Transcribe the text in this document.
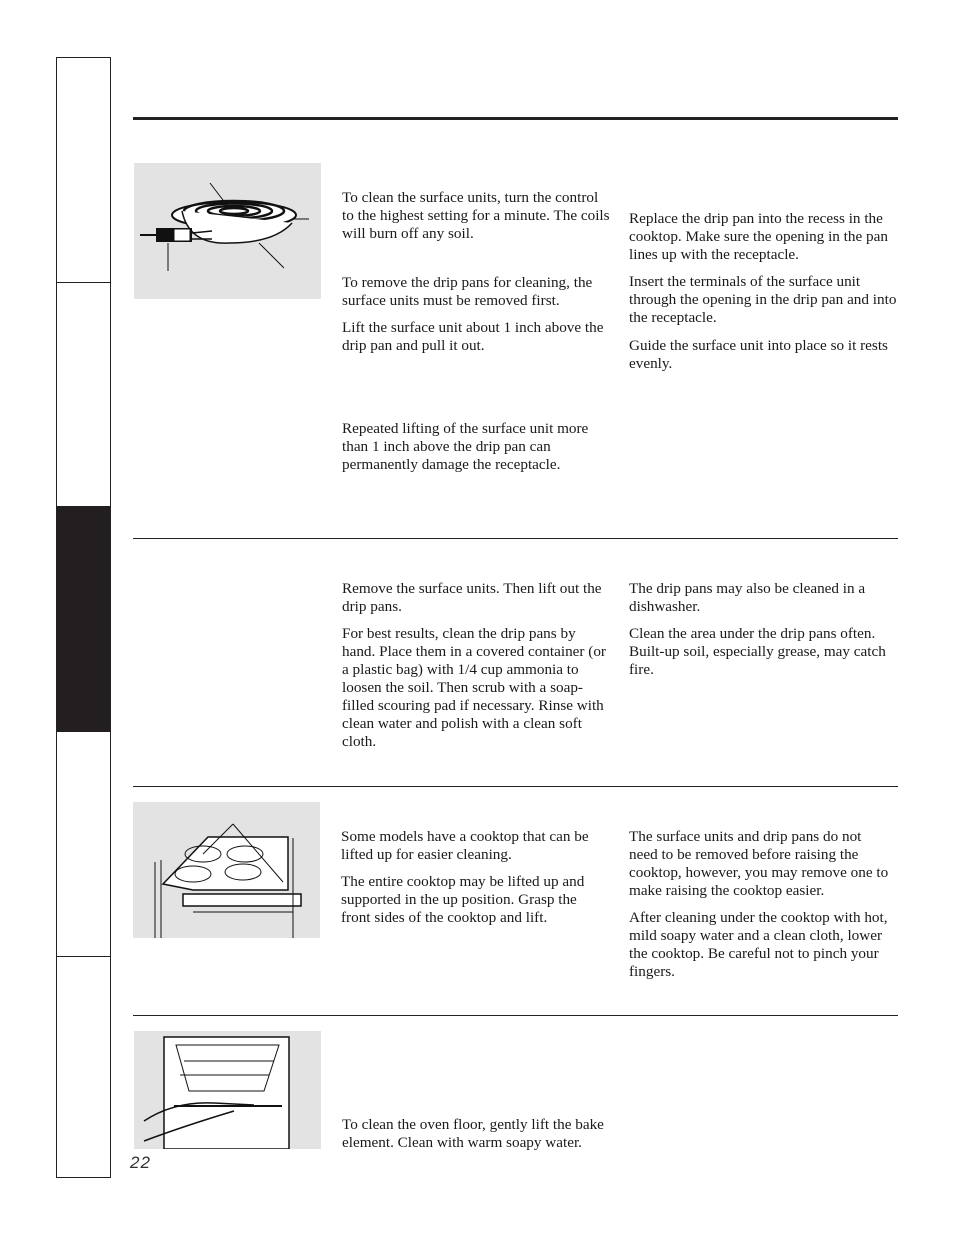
To clean the surface units, turn the control to the highest setting for a minute. The coils will burn off any soil.

To remove the drip pans for cleaning, the surface units must be removed first.

Lift the surface unit about 1 inch above the drip pan and pull it out.

Repeated lifting of the surface unit more than 1 inch above the drip pan can permanently damage the receptacle.

Replace the drip pan into the recess in the cooktop. Make sure the opening in the pan lines up with the receptacle.

Insert the terminals of the surface unit through the opening in the drip pan and into the receptacle.

Guide the surface unit into place so it rests evenly.

Remove the surface units. Then lift out the drip pans.

For best results, clean the drip pans by hand. Place them in a covered container (or a plastic bag) with 1/4 cup ammonia to loosen the soil. Then scrub with a soap-filled scouring pad if necessary. Rinse with clean water and polish with a clean soft cloth.

The drip pans may also be cleaned in a dishwasher.

Clean the area under the drip pans often. Built-up soil, especially grease, may catch fire.

Some models have a cooktop that can be lifted up for easier cleaning.

The entire cooktop may be lifted up and supported in the up position. Grasp the front sides of the cooktop and lift.

The surface units and drip pans do not need to be removed before raising the cooktop, however, you may remove one to make raising the cooktop easier.

After cleaning under the cooktop with hot, mild soapy water and a clean cloth, lower the cooktop. Be careful not to pinch your fingers.

To clean the oven floor, gently lift the bake element. Clean with warm soapy water.

22
